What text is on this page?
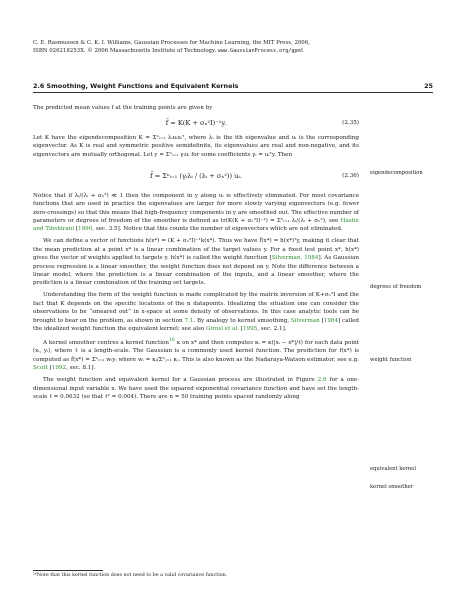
C. E. Rasmussen & C. K. I. Williams, Gaussian Processes for Machine Learning, the MIT Press, 2006,
ISBN 026218253X. © 2006 Massachusetts Institute of Technology. www.GaussianProcess.org/gpml
2.6 Smoothing, Weight Functions and Equivalent Kernels	25

The predicted mean values f at the training points are given by

f̄ = K(K + σₙ²I)⁻¹y.	(2.35)

Let K have the eigendecomposition K = Σⁿᵢ₌₁ λᵢuᵢuᵢᵀ, where λᵢ is the ith eigenvalue and uᵢ is the corresponding eigenvector. As K is real and symmetric positive semidefinite, its eigenvalues are real and non-negative, and its eigenvectors are mutually orthogonal. Let y = Σⁿᵢ₌₁ γᵢuᵢ for some coefficients γᵢ = uᵢᵀy. Then

f̄ = Σⁿᵢ₌₁ (γᵢλᵢ / (λᵢ + σₙ²)) uᵢ.	(2.36)

Notice that if λᵢ/(λᵢ + σₙ²) ≪ 1 then the component in y along uᵢ is effectively eliminated. For most covariance functions that are used in practice the eigenvalues are larger for more slowly varying eigenvectors (e.g. fewer zero-crossings) so that this means that high-frequency components in y are smoothed out. The effective number of parameters or degrees of freedom of the smoother is defined as tr(K(K + σₙ²I)⁻¹) = Σⁿᵢ₌₁ λᵢ/(λᵢ + σₙ²), see Hastie and Tibshirani [1990, sec. 3.5]. Notice that this counts the number of eigenvectors which are not eliminated.

We can define a vector of functions h(x*) = (K + σₙ²I)⁻¹k(x*). Thus we have f̄(x*) = h(x*)ᵀy, making it clear that the mean prediction at a point x* is a linear combination of the target values y. For a fixed test point x*, h(x*) gives the vector of weights applied to targets y. h(x*) is called the weight function [Silverman, 1984]. As Gaussian process regression is a linear smoother, the weight function does not depend on y. Note the difference between a linear model, where the prediction is a linear combination of the inputs, and a linear smoother, where the prediction is a linear combination of the training set targets.

Understanding the form of the weight function is made complicated by the matrix inversion of K+σₙ²I and the fact that K depends on the specific locations of the n datapoints. Idealizing the situation one can consider the observations to be “smeared out” in x-space at some density of observations. In this case analytic tools can be brought to bear on the problem, as shown in section 7.1. By analogy to kernel smoothing, Silverman [1984] called the idealized weight function the equivalent kernel; see also Girosi et al. [1995, sec. 2.1].

A kernel smoother centres a kernel function$^{16}$ κ on x* and then computes κᵢ = κ(|xᵢ − x*|/ℓ) for each data point (xᵢ, yᵢ), where ℓ is a length-scale. The Gaussian is a commonly used kernel function. The prediction for f(x*) is computed as f̂(x*) = Σⁿᵢ₌₁ wᵢyᵢ where wᵢ = κᵢ/Σⁿⱼ₌₁ κⱼ. This is also known as the Nadaraya-Watson estimator, see e.g. Scott [1992, sec. 8.1].

The weight function and equivalent kernel for a Gaussian process are illustrated in Figure 2.6 for a one-dimensional input variable x. We have used the squared exponential covariance function and have set the length-scale ℓ = 0.0632 (so that ℓ² = 0.004). There are n = 50 training points spaced randomly along

eigendecomposition
degrees of freedom
weight function
equivalent kernel
kernel smoother
¹⁶Note that this kernel function does not need to be a valid covariance function.
